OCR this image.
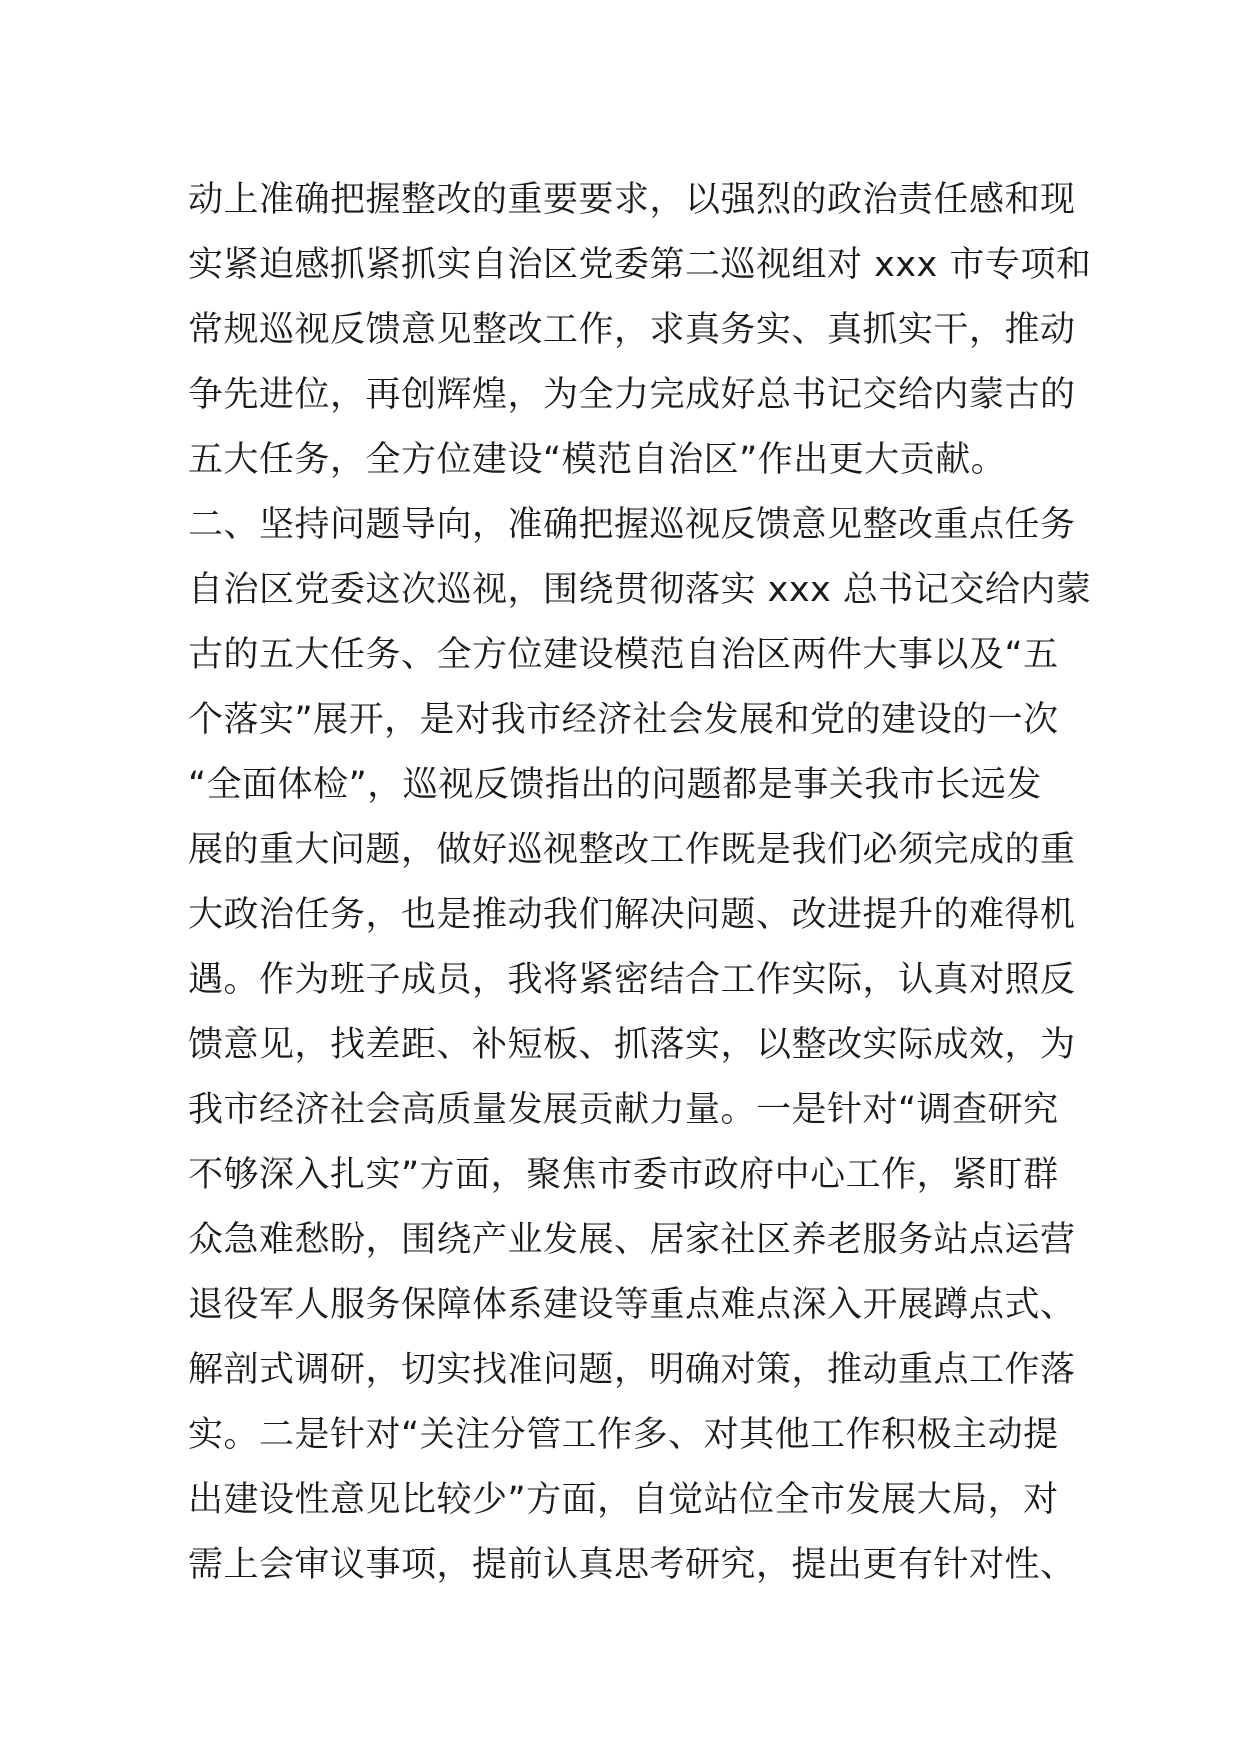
动上准确把握整改的重要要求，以强烈的政治责任感和现
实紧迫感抓紧抓实自治区党委第二巡视组对 xxx 市专项和
常规巡视反馈意见整改工作，求真务实、真抓实干，推动
争先进位，再创辉煌，为全力完成好总书记交给内蒙古的
五大任务，全方位建设“模范自治区”作出更大贡献。
二、坚持问题导向，准确把握巡视反馈意见整改重点任务
自治区党委这次巡视，围绕贯彻落实 xxx 总书记交给内蒙
古的五大任务、全方位建设模范自治区两件大事以及“五
个落实”展开，是对我市经济社会发展和党的建设的一次
“全面体检”，巡视反馈指出的问题都是事关我市长远发
展的重大问题，做好巡视整改工作既是我们必须完成的重
大政治任务，也是推动我们解决问题、改进提升的难得机
遇。作为班子成员，我将紧密结合工作实际，认真对照反
馈意见，找差距、补短板、抓落实，以整改实际成效，为
我市经济社会高质量发展贡献力量。一是针对“调查研究
不够深入扎实”方面，聚焦市委市政府中心工作，紧盯群
众急难愁盼，围绕产业发展、居家社区养老服务站点运营
退役军人服务保障体系建设等重点难点深入开展蹲点式、
解剖式调研，切实找准问题，明确对策，推动重点工作落
实。二是针对“关注分管工作多、对其他工作积极主动提
出建设性意见比较少”方面，自觉站位全市发展大局，对
需上会审议事项，提前认真思考研究，提出更有针对性、
